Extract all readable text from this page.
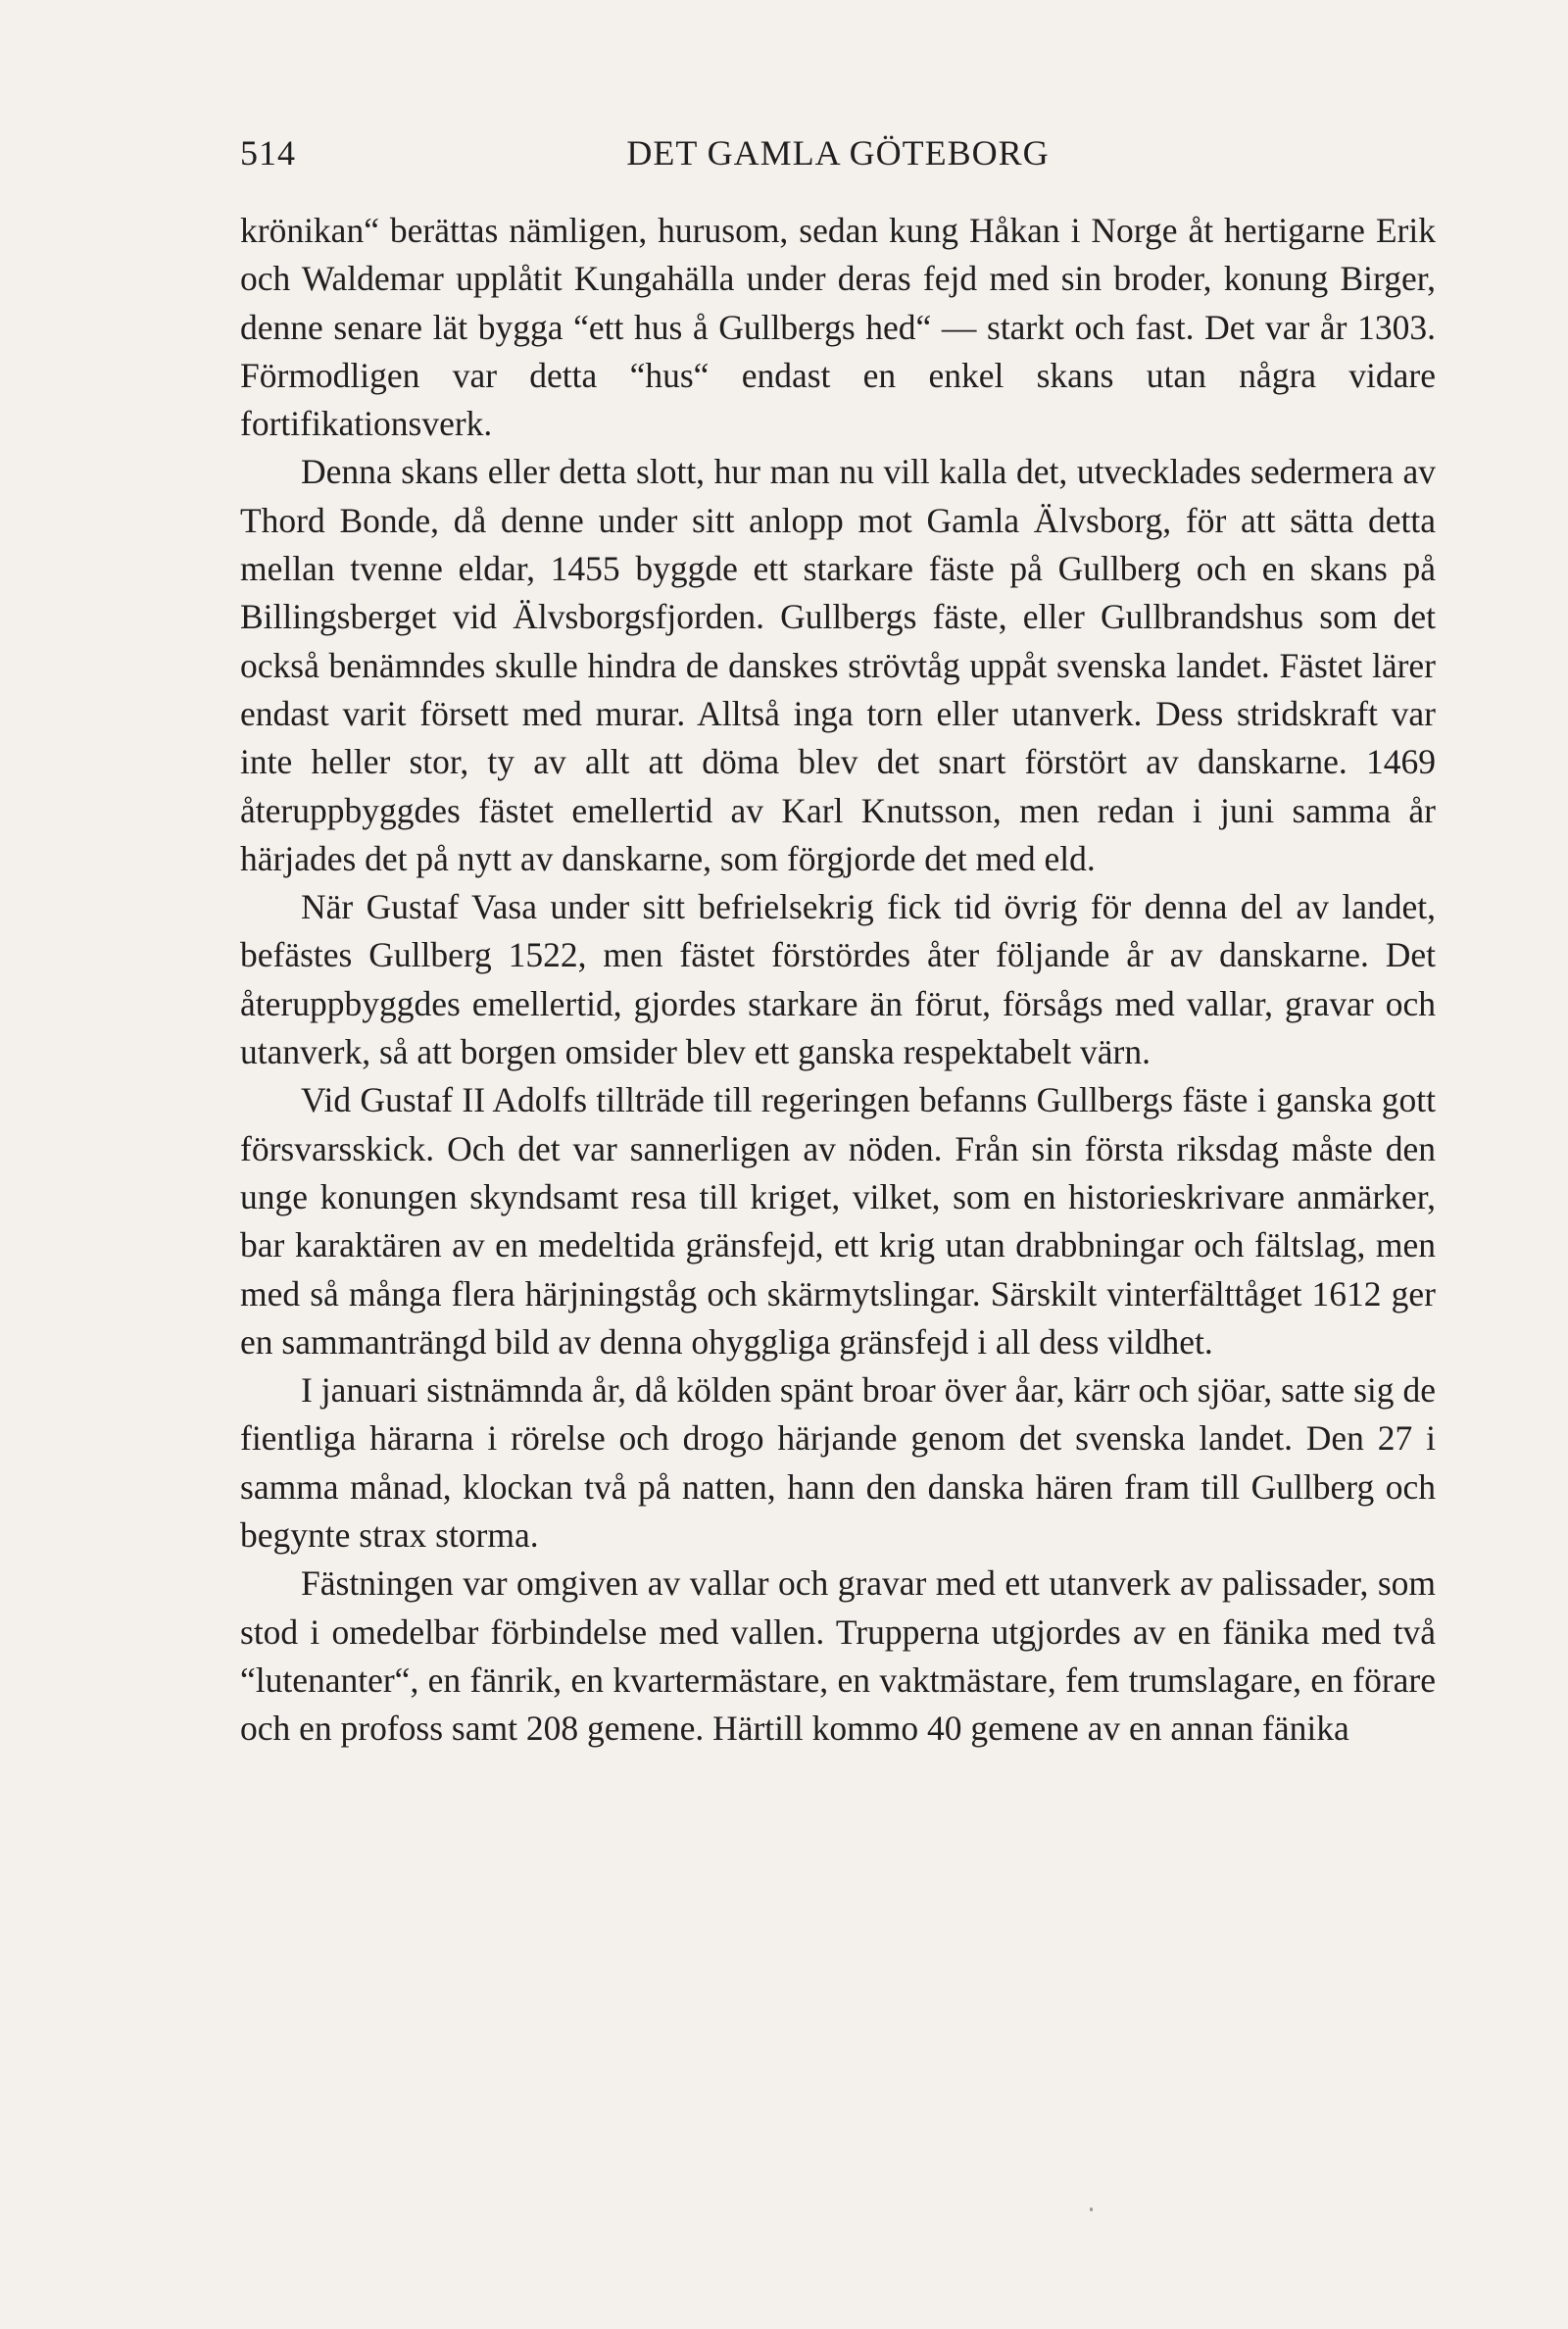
514	DET GAMLA GÖTEBORG

krönikan“ berättas nämligen, hurusom, sedan kung Håkan i Norge åt hertigarne Erik och Waldemar upplåtit Kungahälla under deras fejd med sin broder, konung Birger, denne senare lät bygga “ett hus å Gullbergs hed“ — starkt och fast. Det var år 1303. Förmodligen var detta “hus“ endast en enkel skans utan några vidare fortifikationsverk.

Denna skans eller detta slott, hur man nu vill kalla det, utvecklades sedermera av Thord Bonde, då denne under sitt anlopp mot Gamla Älvsborg, för att sätta detta mellan tvenne eldar, 1455 byggde ett starkare fäste på Gullberg och en skans på Billingsberget vid Älvsborgsfjorden. Gullbergs fäste, eller Gullbrandshus som det också benämndes skulle hindra de danskes strövtåg uppåt svenska landet. Fästet lärer endast varit försett med murar. Alltså inga torn eller utanverk. Dess stridskraft var inte heller stor, ty av allt att döma blev det snart förstört av danskarne. 1469 återuppbyggdes fästet emellertid av Karl Knutsson, men redan i juni samma år härjades det på nytt av danskarne, som förgjorde det med eld.

När Gustaf Vasa under sitt befrielsekrig fick tid övrig för denna del av landet, befästes Gullberg 1522, men fästet förstördes åter följande år av danskarne. Det återuppbyggdes emellertid, gjordes starkare än förut, försågs med vallar, gravar och utanverk, så att borgen omsider blev ett ganska respektabelt värn.

Vid Gustaf II Adolfs tillträde till regeringen befanns Gullbergs fäste i ganska gott försvarsskick. Och det var sannerligen av nöden. Från sin första riksdag måste den unge konungen skyndsamt resa till kriget, vilket, som en historieskrivare anmärker, bar karaktären av en medeltida gränsfejd, ett krig utan drabbningar och fältslag, men med så många flera härjningståg och skärmytslingar. Särskilt vinterfälttåget 1612 ger en sammanträngd bild av denna ohyggliga gränsfejd i all dess vildhet.

I januari sistnämnda år, då kölden spänt broar över åar, kärr och sjöar, satte sig de fientliga härarna i rörelse och drogo härjande genom det svenska landet. Den 27 i samma månad, klockan två på natten, hann den danska hären fram till Gullberg och begynte strax storma.

Fästningen var omgiven av vallar och gravar med ett utanverk av palissader, som stod i omedelbar förbindelse med vallen. Trupperna utgjordes av en fänika med två “lutenanter“, en fänrik, en kvartermästare, en vaktmästare, fem trumslagare, en förare och en profoss samt 208 gemene. Härtill kommo 40 gemene av en annan fänika
